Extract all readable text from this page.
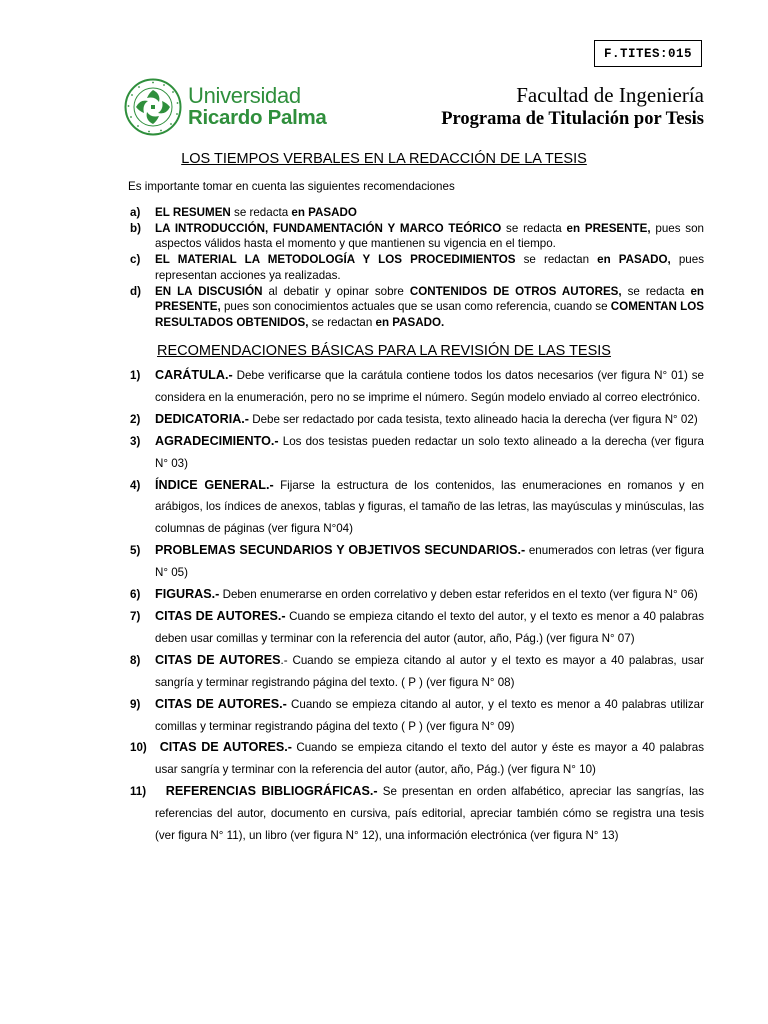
F.TITES:015
Universidad
Ricardo Palma
Facultad de Ingeniería
Programa de Titulación por Tesis
LOS TIEMPOS VERBALES EN LA REDACCIÓN DE LA TESIS
Es importante tomar en cuenta las siguientes recomendaciones
a) EL RESUMEN se redacta en PASADO
b) LA INTRODUCCIÓN, FUNDAMENTACIÓN Y MARCO TEÓRICO se redacta en PRESENTE, pues son aspectos válidos hasta el momento y que mantienen su vigencia en el tiempo.
c) EL MATERIAL LA METODOLOGÍA Y LOS PROCEDIMIENTOS se redactan en PASADO, pues representan acciones ya realizadas.
d) EN LA DISCUSIÓN al debatir y opinar sobre CONTENIDOS DE OTROS AUTORES, se redacta en PRESENTE, pues son conocimientos actuales que se usan como referencia, cuando se COMENTAN LOS RESULTADOS OBTENIDOS, se redactan en PASADO.
RECOMENDACIONES BÁSICAS PARA LA REVISIÓN DE LAS TESIS
1) CARÁTULA.- Debe verificarse que la carátula contiene todos los datos necesarios (ver figura N° 01) se considera en la enumeración, pero no se imprime el número. Según modelo enviado al correo electrónico.
2) DEDICATORIA.- Debe ser redactado por cada tesista, texto alineado hacia la derecha (ver figura N° 02)
3) AGRADECIMIENTO.- Los dos tesistas pueden redactar un solo texto alineado a la derecha (ver figura N° 03)
4) ÍNDICE GENERAL.- Fijarse la estructura de los contenidos, las enumeraciones en romanos y en arábigos, los índices de anexos, tablas y figuras, el tamaño de las letras, las mayúsculas y minúsculas, las columnas de páginas (ver figura N°04)
5) PROBLEMAS SECUNDARIOS Y OBJETIVOS SECUNDARIOS.- enumerados con letras (ver figura N° 05)
6) FIGURAS.- Deben enumerarse en orden correlativo y deben estar referidos en el texto (ver figura N° 06)
7) CITAS DE AUTORES.- Cuando se empieza citando el texto del autor, y el texto es menor a 40 palabras deben usar comillas y terminar con la referencia del autor (autor, año, Pág.) (ver figura N° 07)
8) CITAS DE AUTORES.- Cuando se empieza citando al autor y el texto es mayor a 40 palabras, usar sangría y terminar registrando página del texto. ( P ) (ver figura N° 08)
9) CITAS DE AUTORES.- Cuando se empieza citando al autor, y el texto es menor a 40 palabras utilizar comillas y terminar registrando página del texto ( P ) (ver figura N° 09)
10) CITAS DE AUTORES.- Cuando se empieza citando el texto del autor y éste es mayor a 40 palabras usar sangría y terminar con la referencia del autor (autor, año, Pág.) (ver figura N° 10)
11) REFERENCIAS BIBLIOGRÁFICAS.- Se presentan en orden alfabético, apreciar las sangrías, las referencias del autor, documento en cursiva, país editorial, apreciar también cómo se registra una tesis (ver figura N° 11), un libro (ver figura N° 12), una información electrónica (ver figura N° 13)
